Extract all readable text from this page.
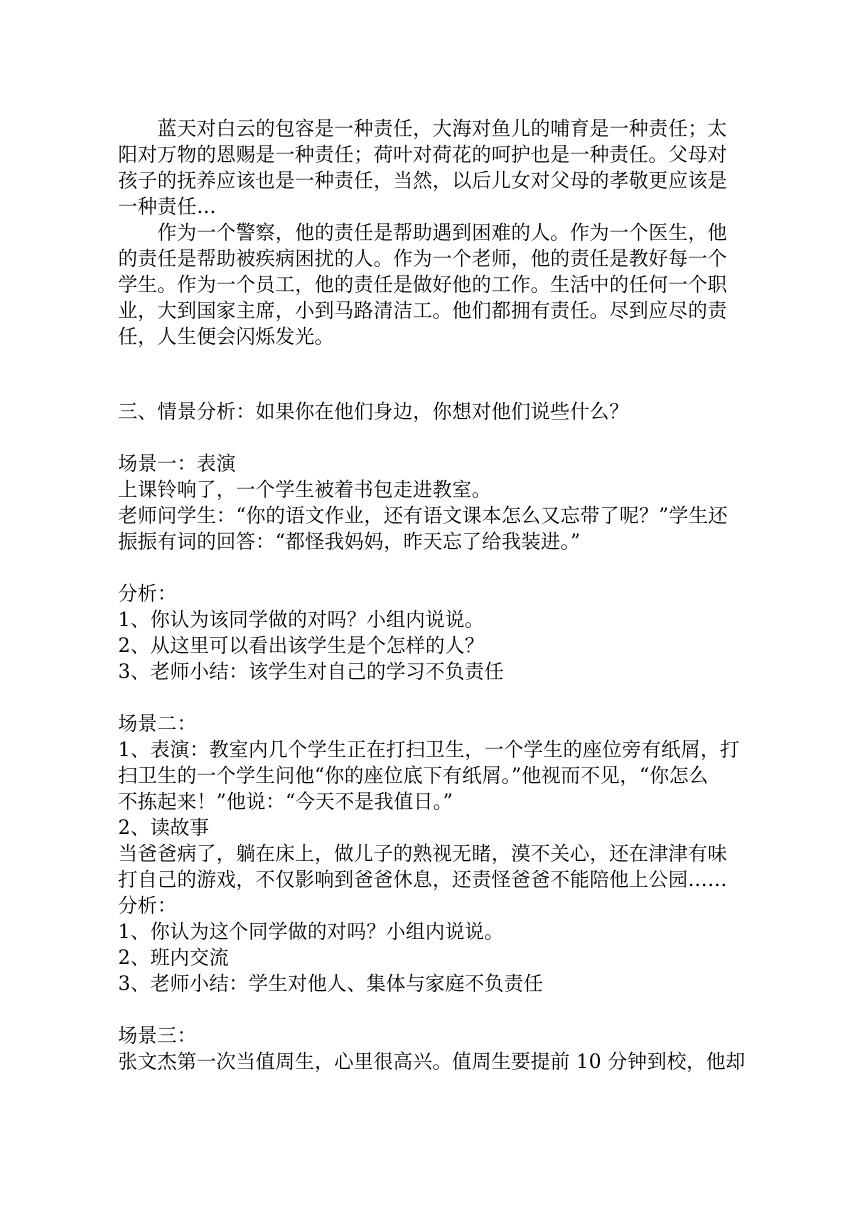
　　蓝天对白云的包容是一种责任，大海对鱼儿的哺育是一种责任；太
阳对万物的恩赐是一种责任；荷叶对荷花的呵护也是一种责任。父母对
孩子的抚养应该也是一种责任，当然，以后儿女对父母的孝敬更应该是
一种责任…
　　作为一个警察，他的责任是帮助遇到困难的人。作为一个医生，他
的责任是帮助被疾病困扰的人。作为一个老师，他的责任是教好每一个
学生。作为一个员工，他的责任是做好他的工作。生活中的任何一个职
业，大到国家主席，小到马路清洁工。他们都拥有责任。尽到应尽的责
任，人生便会闪烁发光。
三、情景分析：如果你在他们身边，你想对他们说些什么？
场景一：表演
上课铃响了，一个学生被着书包走进教室。
老师问学生：“你的语文作业，还有语文课本怎么又忘带了呢？”学生还
振振有词的回答：“都怪我妈妈，昨天忘了给我装进。”
分析：
1、你认为该同学做的对吗？小组内说说。
2、从这里可以看出该学生是个怎样的人？
3、老师小结：该学生对自己的学习不负责任
场景二：
1、表演：教室内几个学生正在打扫卫生，一个学生的座位旁有纸屑，打
扫卫生的一个学生问他“你的座位底下有纸屑。”他视而不见，“你怎么
不拣起来！”他说：“今天不是我值日。”
2、读故事
当爸爸病了，躺在床上，做儿子的熟视无睹，漠不关心，还在津津有味
打自己的游戏，不仅影响到爸爸休息，还责怪爸爸不能陪他上公园……
分析：
1、你认为这个同学做的对吗？小组内说说。
2、班内交流
3、老师小结：学生对他人、集体与家庭不负责任
场景三：
张文杰第一次当值周生，心里很高兴。值周生要提前 10 分钟到校，他却
